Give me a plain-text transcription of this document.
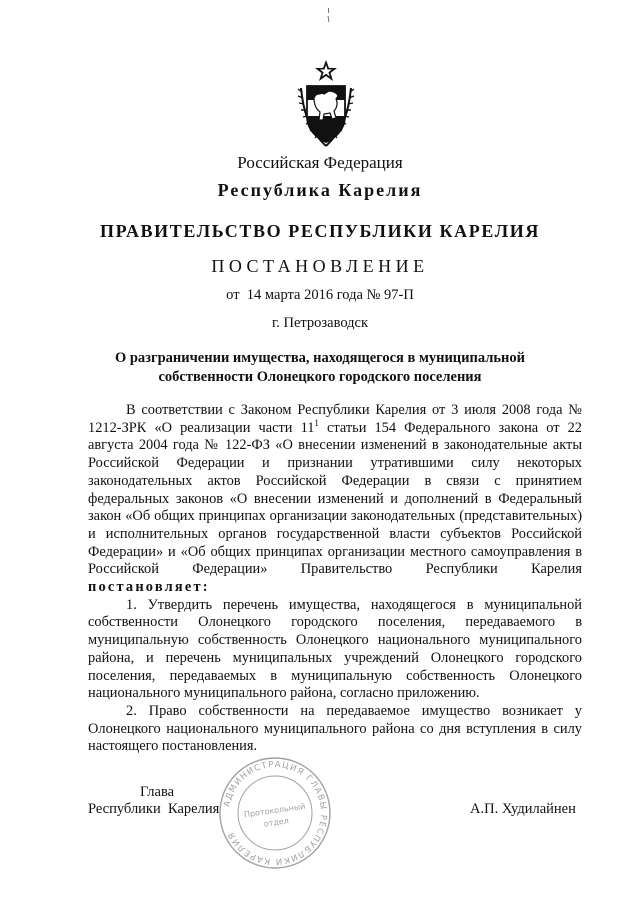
Российская Федерация
Республика Карелия
ПРАВИТЕЛЬСТВО РЕСПУБЛИКИ КАРЕЛИЯ
ПОСТАНОВЛЕНИЕ
от  14 марта 2016 года № 97-П
г. Петрозаводск
О разграничении имущества, находящегося в муниципальной
собственности Олонецкого городского поселения

В соответствии с Законом Республики Карелия от 3 июля 2008 года № 1212-ЗРК «О реализации части $11^1$ статьи 154 Федерального закона от 22 августа 2004 года № 122-ФЗ «О внесении изменений в законодательные акты Российской Федерации и признании утратившими силу некоторых законодательных актов Российской Федерации в связи с принятием федеральных законов «О внесении изменений и дополнений в Федеральный закон «Об общих принципах организации законодательных (представительных) и исполнительных органов государственной власти субъектов Российской Федерации» и «Об общих принципах организации местного самоуправления в Российской Федерации» Правительство Республики Карелия постановляет:

1. Утвердить перечень имущества, находящегося в муниципальной собственности Олонецкого городского поселения, передаваемого в муниципальную собственность Олонецкого национального муниципального района, и перечень муниципальных учреждений Олонецкого городского поселения, передаваемых в муниципальную собственность Олонецкого национального муниципального района, согласно приложению.

2. Право собственности на передаваемое имущество возникает у Олонецкого национального муниципального района со дня вступления в силу настоящего постановления.

Глава
Республики  Карелия	А.П. Худилайнен
АДМИНИСТРАЦИЯ ГЛАВЫ РЕСПУБЛИКИ КАРЕЛИЯ
Протокольный
отдел
